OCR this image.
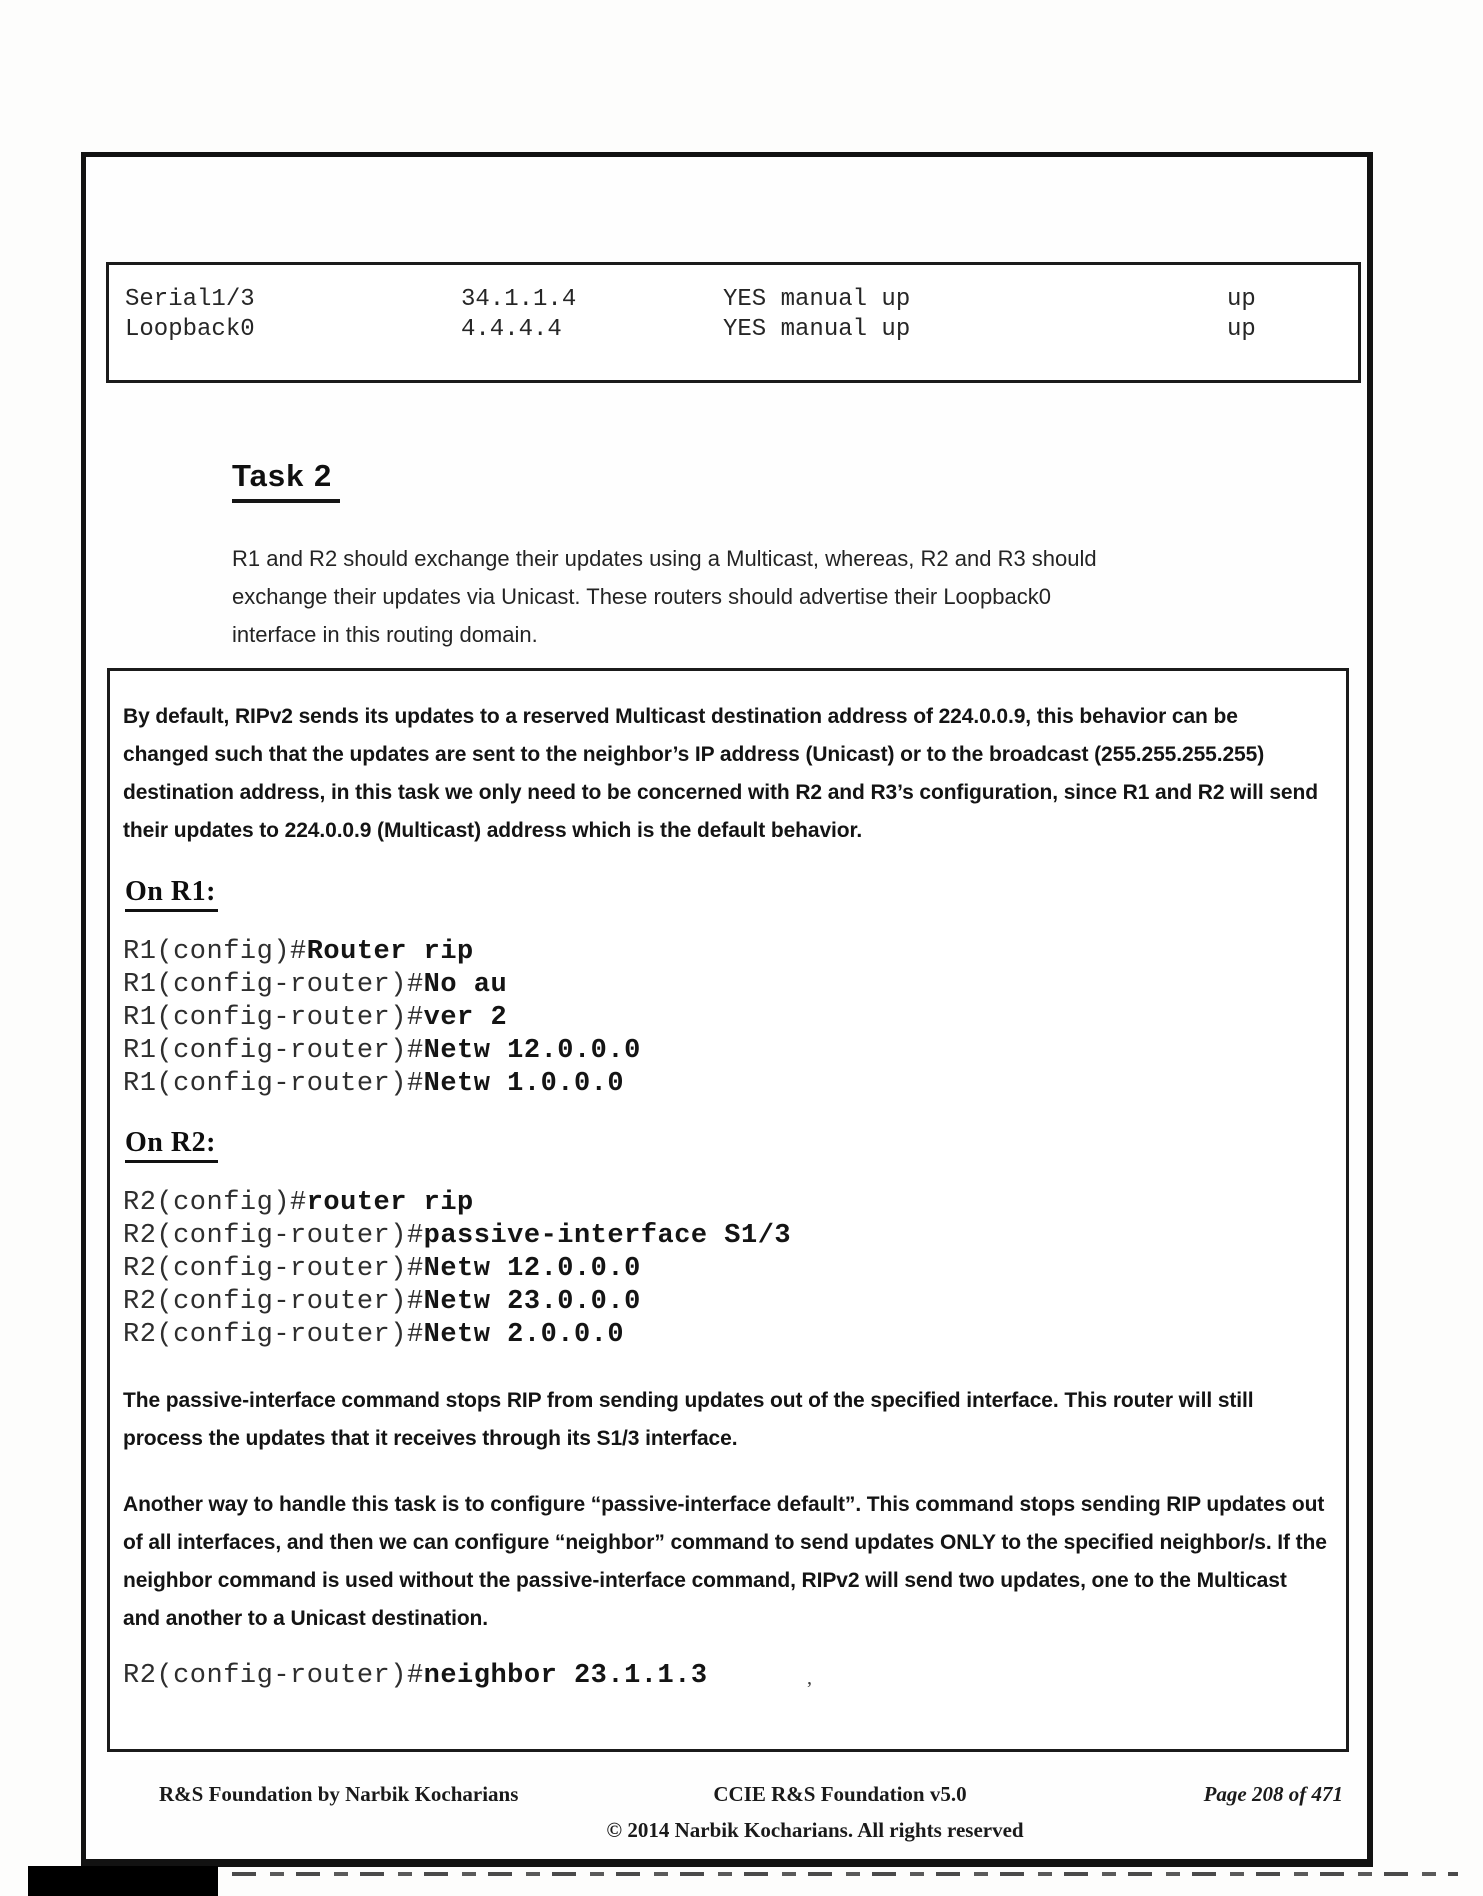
Serial1/3	34.1.1.4	YES manual up	up
Loopback0	4.4.4.4	YES manual up	up
Task 2

R1 and R2 should exchange their updates using a Multicast, whereas, R2 and R3 should exchange their updates via Unicast. These routers should advertise their Loopback0 interface in this routing domain.

By default, RIPv2 sends its updates to a reserved Multicast destination address of 224.0.0.9, this behavior can be changed such that the updates are sent to the neighbor’s IP address (Unicast) or to the broadcast (255.255.255.255) destination address, in this task we only need to be concerned with R2 and R3’s configuration, since R1 and R2 will send their updates to 224.0.0.9 (Multicast) address which is the default behavior.

On R1:
R1(config)#Router rip
R1(config-router)#No au
R1(config-router)#ver 2
R1(config-router)#Netw 12.0.0.0
R1(config-router)#Netw 1.0.0.0
On R2:
R2(config)#router rip
R2(config-router)#passive-interface S1/3
R2(config-router)#Netw 12.0.0.0
R2(config-router)#Netw 23.0.0.0
R2(config-router)#Netw 2.0.0.0

The passive-interface command stops RIP from sending updates out of the specified interface. This router will still process the updates that it receives through its S1/3 interface.

Another way to handle this task is to configure “passive-interface default”. This command stops sending RIP updates out of all interfaces, and then we can configure “neighbor” command to send updates ONLY to the specified neighbor/s. If the neighbor command is used without the passive-interface command, RIPv2 will send two updates, one to the Multicast and another to a Unicast destination.

R2(config-router)#neighbor 23.1.1.3	’
R&S Foundation by Narbik Kocharians	CCIE R&S Foundation v5.0	Page 208 of 471
© 2014 Narbik Kocharians. All rights reserved
